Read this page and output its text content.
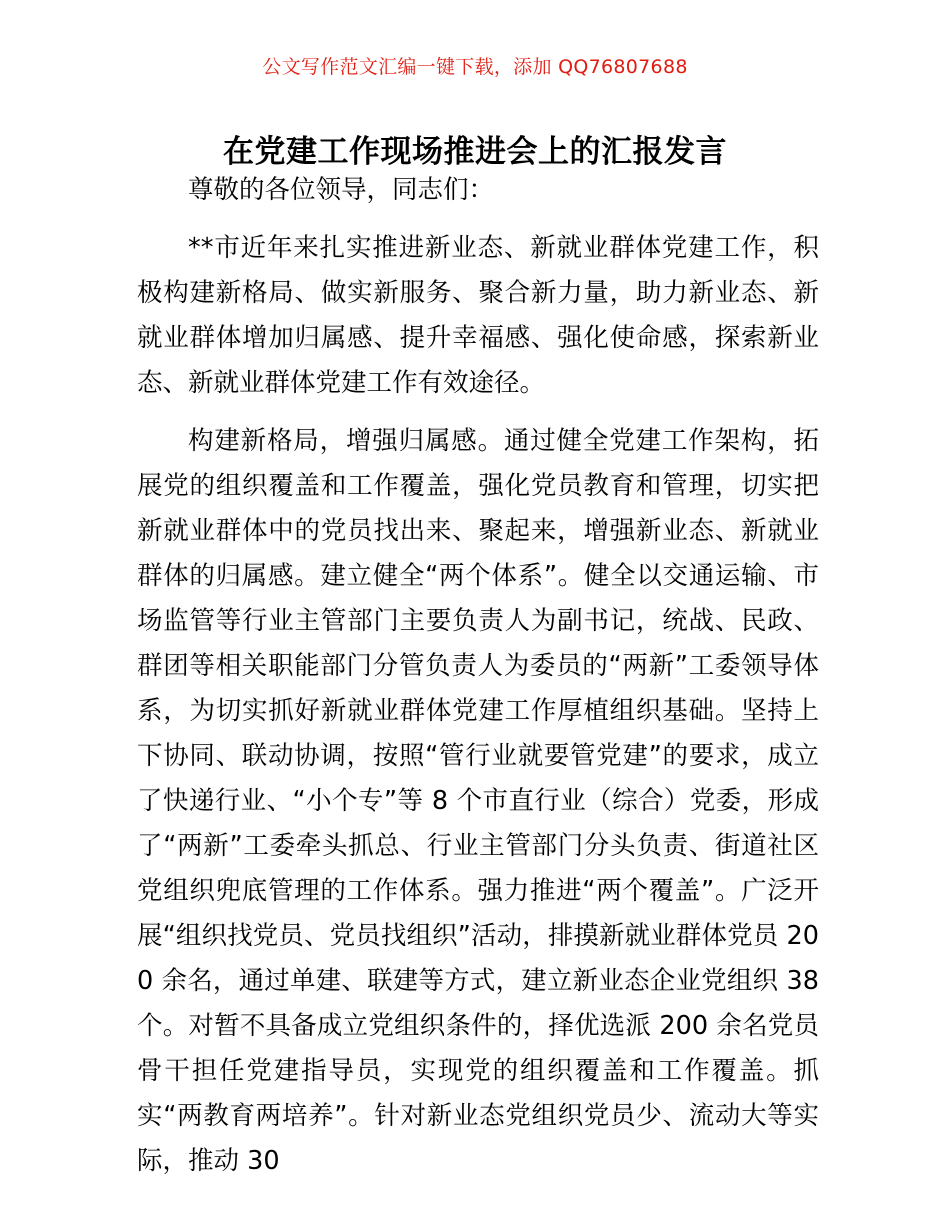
公文写作范文汇编一键下载，添加 QQ76807688
在党建工作现场推进会上的汇报发言

尊敬的各位领导，同志们：

**市近年来扎实推进新业态、新就业群体党建工作，积极构建新格局、做实新服务、聚合新力量，助力新业态、新就业群体增加归属感、提升幸福感、强化使命感，探索新业态、新就业群体党建工作有效途径。

构建新格局，增强归属感。通过健全党建工作架构，拓展党的组织覆盖和工作覆盖，强化党员教育和管理，切实把新就业群体中的党员找出来、聚起来，增强新业态、新就业群体的归属感。建立健全“两个体系”。健全以交通运输、市场监管等行业主管部门主要负责人为副书记，统战、民政、群团等相关职能部门分管负责人为委员的“两新”工委领导体系，为切实抓好新就业群体党建工作厚植组织基础。坚持上下协同、联动协调，按照“管行业就要管党建”的要求，成立了快递行业、“小个专”等 8 个市直行业（综合）党委，形成了“两新”工委牵头抓总、行业主管部门分头负责、街道社区党组织兜底管理的工作体系。强力推进“两个覆盖”。广泛开展“组织找党员、党员找组织”活动，排摸新就业群体党员 200 余名，通过单建、联建等方式，建立新业态企业党组织 38 个。对暂不具备成立党组织条件的，择优选派 200 余名党员骨干担任党建指导员，实现党的组织覆盖和工作覆盖。抓实“两教育两培养”。针对新业态党组织党员少、流动大等实际，推动 30
